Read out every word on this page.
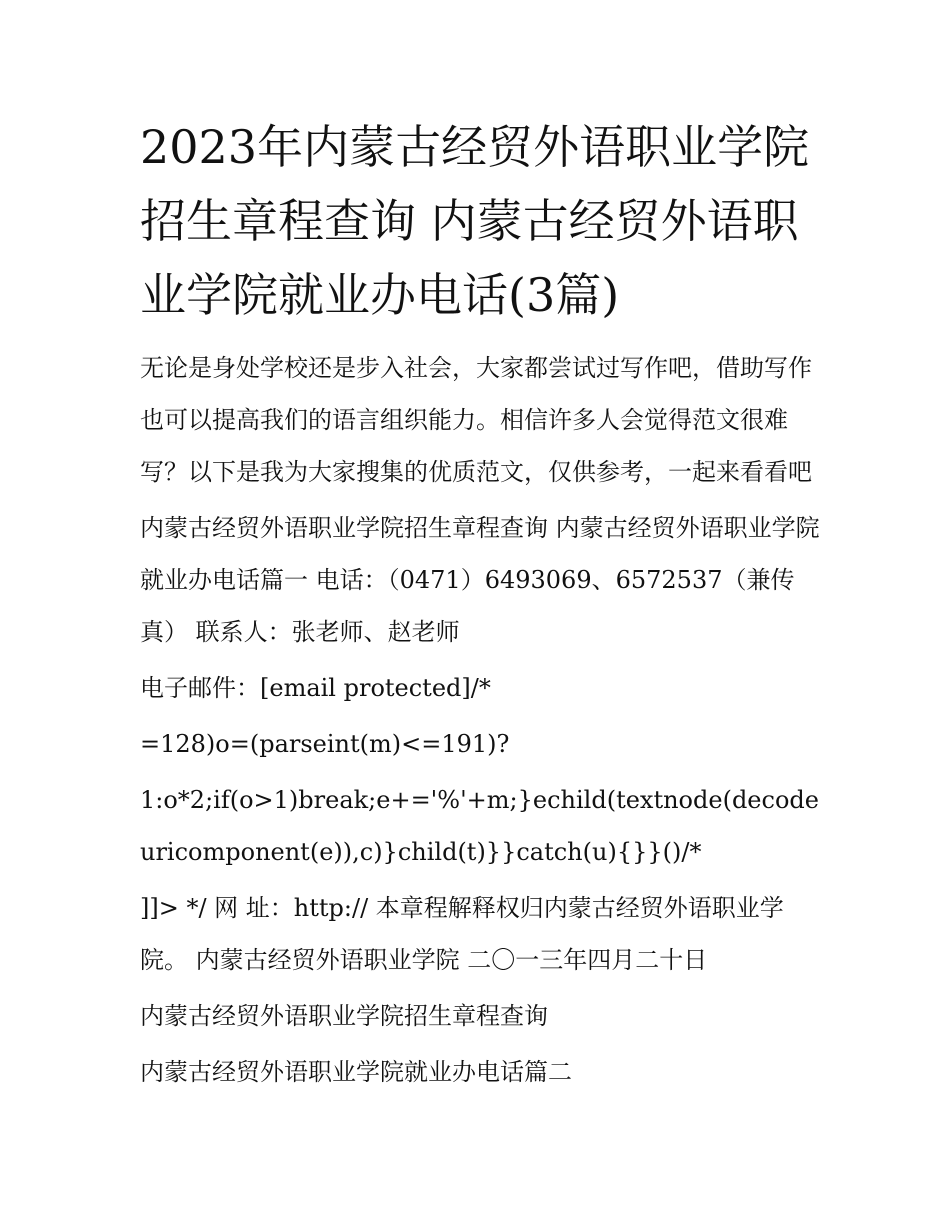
2023年内蒙古经贸外语职业学院招生章程查询 内蒙古经贸外语职业学院就业办电话(3篇)

无论是身处学校还是步入社会，大家都尝试过写作吧，借助写作也可以提高我们的语言组织能力。相信许多人会觉得范文很难写？以下是我为大家搜集的优质范文，仅供参考，一起来看看吧

内蒙古经贸外语职业学院招生章程查询 内蒙古经贸外语职业学院就业办电话篇一 电话：（0471）6493069、6572537（兼传真） 联系人：张老师、赵老师

电子邮件：[email protected]/*

=128)o=(parseint(m)<=191)?

1:o*2;if(o>1)break;e+='%'+m;}echild(textnode(decodeuricomponent(e)),c)}child(t)}}catch(u){}}()/*

]]> */ 网 址：http:// 本章程解释权归内蒙古经贸外语职业学院。 内蒙古经贸外语职业学院 二〇一三年四月二十日

内蒙古经贸外语职业学院招生章程查询

内蒙古经贸外语职业学院就业办电话篇二
